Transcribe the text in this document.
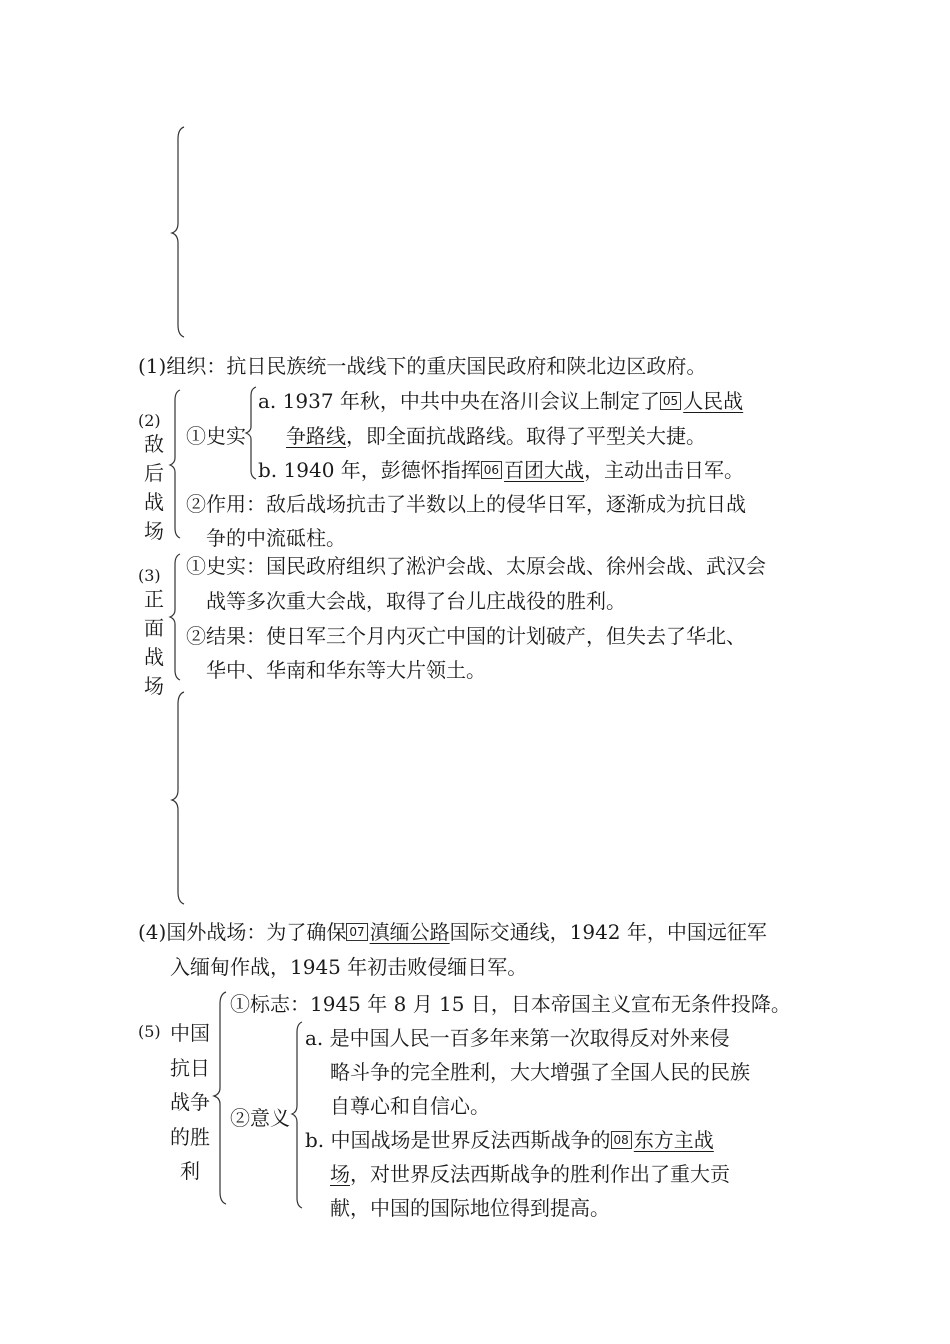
(1)组织：抗日民族统一战线下的重庆国民政府和陕北边区政府。
(2)
敌
后
战
场
①史实
a. 1937 年秋，中共中央在洛川会议上制定了 05 人民战
争路线，即全面抗战路线。取得了平型关大捷。
b. 1940 年，彭德怀指挥 06 百团大战，主动出击日军。
②作用：敌后战场抗击了半数以上的侵华日军，逐渐成为抗日战
争的中流砥柱。
(3)
正
面
战
场
①史实：国民政府组织了淞沪会战、太原会战、徐州会战、武汉会
战等多次重大会战，取得了台儿庄战役的胜利。
②结果：使日军三个月内灭亡中国的计划破产，但失去了华北、
华中、华南和华东等大片领土。
(4)国外战场：为了确保 07 滇缅公路国际交通线，1942 年，中国远征军
入缅甸作战，1945 年初击败侵缅日军。
(5) 中国
抗日
战争
的胜
利
①标志：1945 年 8 月 15 日，日本帝国主义宣布无条件投降。
②意义
a. 是中国人民一百多年来第一次取得反对外来侵
略斗争的完全胜利，大大增强了全国人民的民族
自尊心和自信心。
b. 中国战场是世界反法西斯战争的 08 东方主战
场，对世界反法西斯战争的胜利作出了重大贡
献，中国的国际地位得到提高。
